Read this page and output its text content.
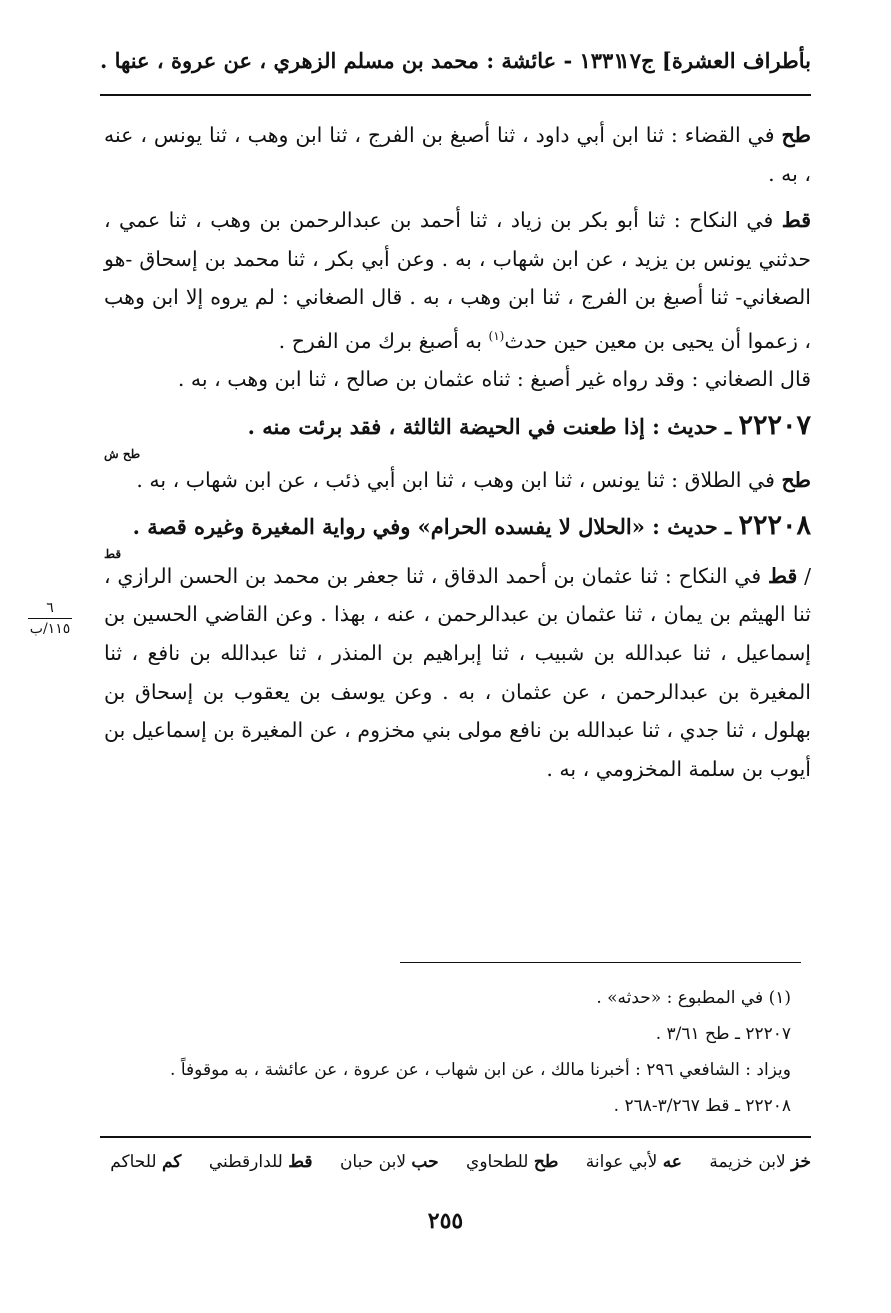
بأطراف العشرة] ج١٧
١٣٣١ - عائشة : محمد بن مسلم الزهري ، عن عروة ، عنها .

طح في القضاء : ثنا ابن أبي داود ، ثنا أصبغ بن الفرج ، ثنا ابن وهب ، ثنا يونس ، عنه ، به .

قط في النكاح : ثنا أبو بكر بن زياد ، ثنا أحمد بن عبدالرحمن بن وهب ، ثنا عمي ، حدثني يونس بن يزيد ، عن ابن شهاب ، به . وعن أبي بكر ، ثنا محمد بن إسحاق -هو الصغاني- ثنا أصبغ بن الفرج ، ثنا ابن وهب ، به . قال الصغاني : لم يروه إلا ابن وهب ، زعموا أن يحيى بن معين حين حدث$^{(١)}$ به أصبغ برك من الفرح .

قال الصغاني : وقد رواه غير أصبغ : ثناه عثمان بن صالح ، ثنا ابن وهب ، به .

٢٢٢٠٧ ـ حديث : إذا طعنت في الحيضة الثالثة ، فقد برئت منه .

طح ش

طح في الطلاق : ثنا يونس ، ثنا ابن وهب ، ثنا ابن أبي ذئب ، عن ابن شهاب ، به .

٢٢٢٠٨ ـ حديث : «الحلال لا يفسده الحرام» وفي رواية المغيرة وغيره قصة .

قط

/ قط في النكاح : ثنا عثمان بن أحمد الدقاق ، ثنا جعفر بن محمد بن الحسن الرازي ، ثنا الهيثم بن يمان ، ثنا عثمان بن عبدالرحمن ، عنه ، بهذا . وعن القاضي الحسين بن إسماعيل ، ثنا عبدالله بن شبيب ، ثنا إبراهيم بن المنذر ، ثنا عبدالله بن نافع ، ثنا المغيرة بن عبدالرحمن ، عن عثمان ، به . وعن يوسف بن يعقوب بن إسحاق بن بهلول ، ثنا جدي ، ثنا عبدالله بن نافع مولى بني مخزوم ، عن المغيرة بن إسماعيل بن أيوب بن سلمة المخزومي ، به .

٦
١١٥/ب
(١) في المطبوع : «حدثه» .
٢٢٢٠٧ ـ طح ٣/٦١ .
ويزاد : الشافعي ٢٩٦ : أخبرنا مالك ، عن ابن شهاب ، عن عروة ، عن عائشة ، به موقوفاً .
٢٢٢٠٨ ـ قط ٣/٢٦٧-٢٦٨ .
خز لابن خزيمة عه لأبي عوانة طح للطحاوي حب لابن حبان قط للدارقطني كم للحاكم
٢٥٥
